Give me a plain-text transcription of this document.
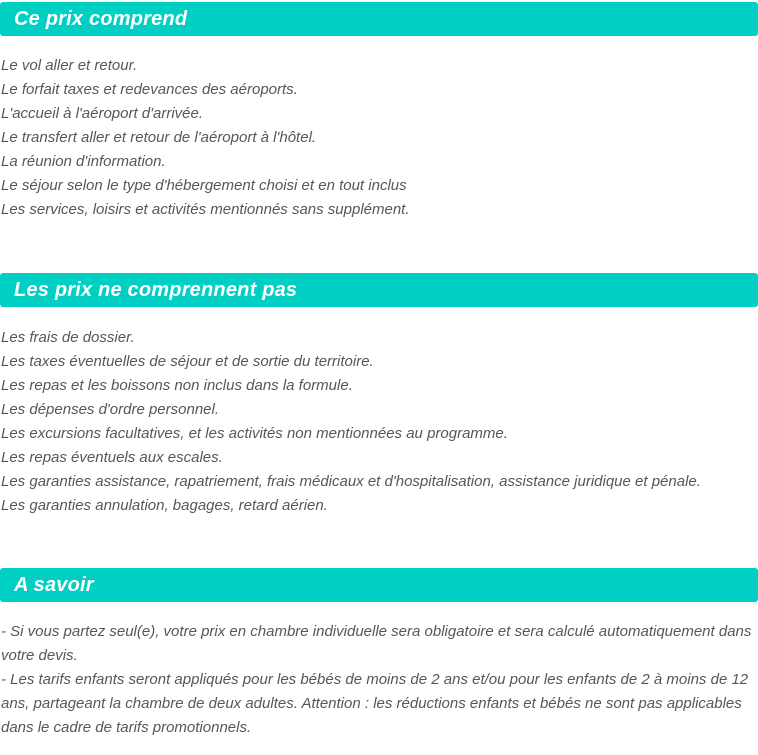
Ce prix comprend

Le vol aller et retour.

Le forfait taxes et redevances des aéroports.

L'accueil à l'aéroport d'arrivée.

Le transfert aller et retour de l'aéroport à l'hôtel.

La réunion d'information.

Le séjour selon le type d'hébergement choisi et en tout inclus

Les services, loisirs et activités mentionnés sans supplément.

Les prix ne comprennent pas

Les frais de dossier.

Les taxes éventuelles de séjour et de sortie du territoire.

Les repas et les boissons non inclus dans la formule.

Les dépenses d'ordre personnel.

Les excursions facultatives, et les activités non mentionnées au programme.

Les repas éventuels aux escales.

Les garanties assistance, rapatriement, frais médicaux et d'hospitalisation, assistance juridique et pénale.

Les garanties annulation, bagages, retard aérien.

A savoir

- Si vous partez seul(e), votre prix en chambre individuelle sera obligatoire et sera calculé automatiquement dans votre devis.

- Les tarifs enfants seront appliqués pour les bébés de moins de 2 ans et/ou pour les enfants de 2 à moins de 12 ans, partageant la chambre de deux adultes. Attention : les réductions enfants et bébés ne sont pas applicables dans le cadre de tarifs promotionnels.
